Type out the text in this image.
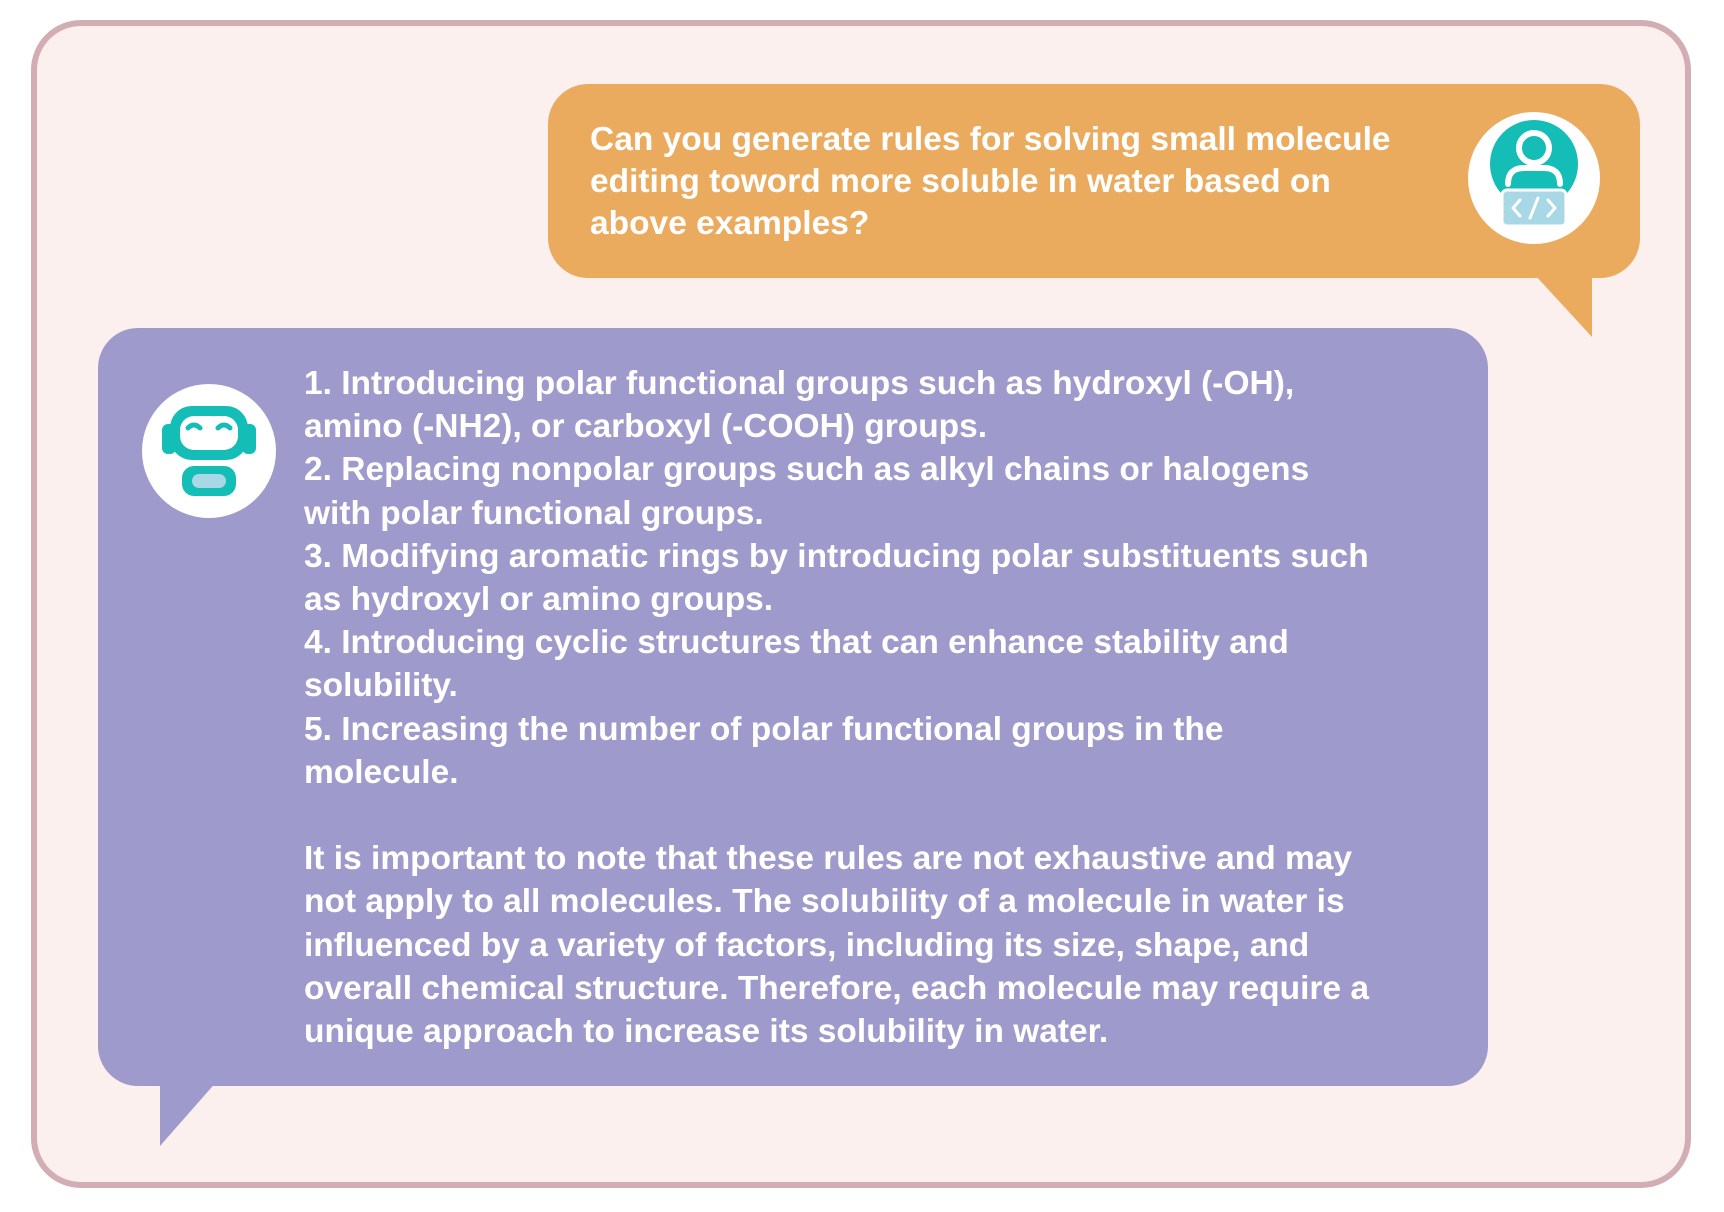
Can you generate rules for solving small molecule
editing toword more soluble in water based on
above examples?

1. Introducing polar functional groups such as hydroxyl (-OH),
amino (-NH2), or carboxyl (-COOH) groups.
2. Replacing nonpolar groups such as alkyl chains or halogens
with polar functional groups.
3. Modifying aromatic rings by introducing polar substituents such
as hydroxyl or amino groups.
4. Introducing cyclic structures that can enhance stability and
solubility.
5. Increasing the number of polar functional groups in the
molecule.
It is important to note that these rules are not exhaustive and may
not apply to all molecules. The solubility of a molecule in water is
influenced by a variety of factors, including its size, shape, and
overall chemical structure. Therefore, each molecule may require a
unique approach to increase its solubility in water.
